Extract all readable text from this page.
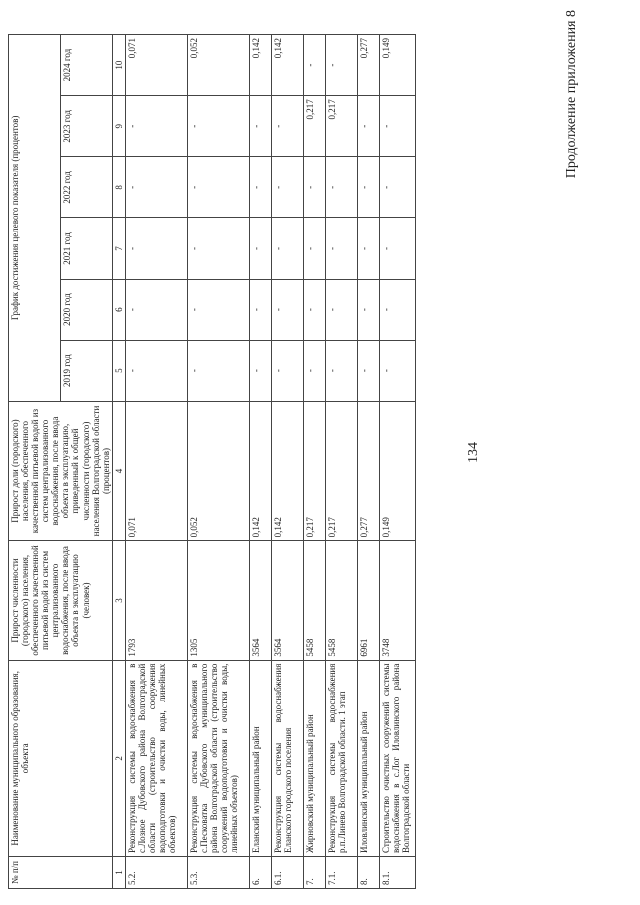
Продолжение приложения 8
134
№ п/п	Наименование муниципального образования, объекта	Прирост численности (городского) населения, обеспеченного качественной питьевой водой из систем централизованного водоснабжения, после ввода объекта в эксплуатацию (человек)	Прирост доли (городского) населения, обеспеченного качественной питьевой водой из систем централизованного водоснабжения, после ввода объекта в эксплуатацию, приведенный к общей численности (городского) населения Волгоградской области (процентов)	График достижения целевого показателя (процентов)					
				2019 год	2020 год	2021 год	2022 год	2023 год	2024 год
1	2	3	4	5	6	7	8	9	10
5.2.	Реконструкция системы водоснабжения в с.Лозное Дубовского района Волгоградской области (строительство сооружения водоподготовки и очистки воды, линейных объектов)	1793	0,071	-	-	-	-	-	0,071
5.3.	Реконструкция системы водоснабжения в с.Песковатка Дубовского муниципального района Волгоградской области (строительство сооружений водоподготовки и очистки воды, линейных объектов)	1305	0,052	-	-	-	-	-	0,052
6.	Еланский муниципальный район	3564	0,142	-	-	-	-	-	0,142
6.1.	Реконструкция системы водоснабжения Еланского городского поселения	3564	0,142	-	-	-	-	-	0,142
7.	Жирновский муниципальный район	5458	0,217	-	-	-	-	0,217	-
7.1.	Реконструкция системы водоснабжения р.п.Линево Волгоградской области. 1 этап	5458	0,217	-	-	-	-	0,217	-
8.	Иловлинский муниципальный район	6961	0,277	-	-	-	-	-	0,277
8.1.	Строительство очистных сооружений системы водоснабжения в с.Лог Иловлинского района Волгоградской области	3748	0,149	-	-	-	-	-	0,149
